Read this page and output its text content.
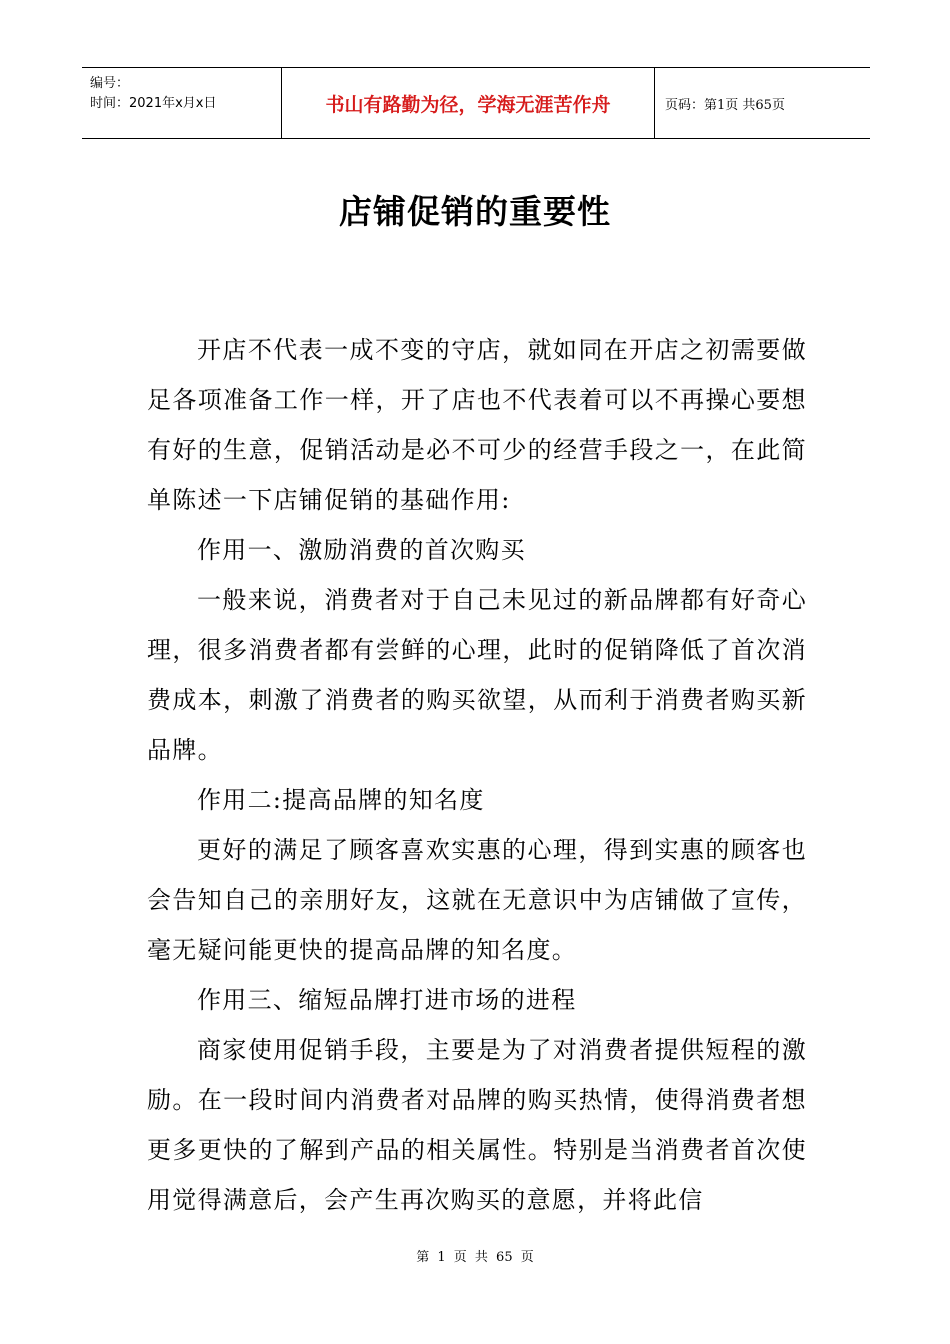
编号：
时间：2021年x月x日	书山有路勤为径，学海无涯苦作舟	页码：第1页 共65页
店铺促销的重要性

开店不代表一成不变的守店，就如同在开店之初需要做足各项准备工作一样，开了店也不代表着可以不再操心要想有好的生意，促销活动是必不可少的经营手段之一，在此简单陈述一下店铺促销的基础作用:

作用一、激励消费的首次购买

一般来说，消费者对于自己未见过的新品牌都有好奇心理，很多消费者都有尝鲜的心理，此时的促销降低了首次消费成本，刺激了消费者的购买欲望，从而利于消费者购买新品牌。

作用二:提高品牌的知名度

更好的满足了顾客喜欢实惠的心理，得到实惠的顾客也会告知自己的亲朋好友，这就在无意识中为店铺做了宣传，毫无疑问能更快的提高品牌的知名度。

作用三、缩短品牌打进市场的进程

商家使用促销手段，主要是为了对消费者提供短程的激励。在一段时间内消费者对品牌的购买热情，使得消费者想更多更快的了解到产品的相关属性。特别是当消费者首次使用觉得满意后，会产生再次购买的意愿，并将此信

第 1 页 共 65 页
